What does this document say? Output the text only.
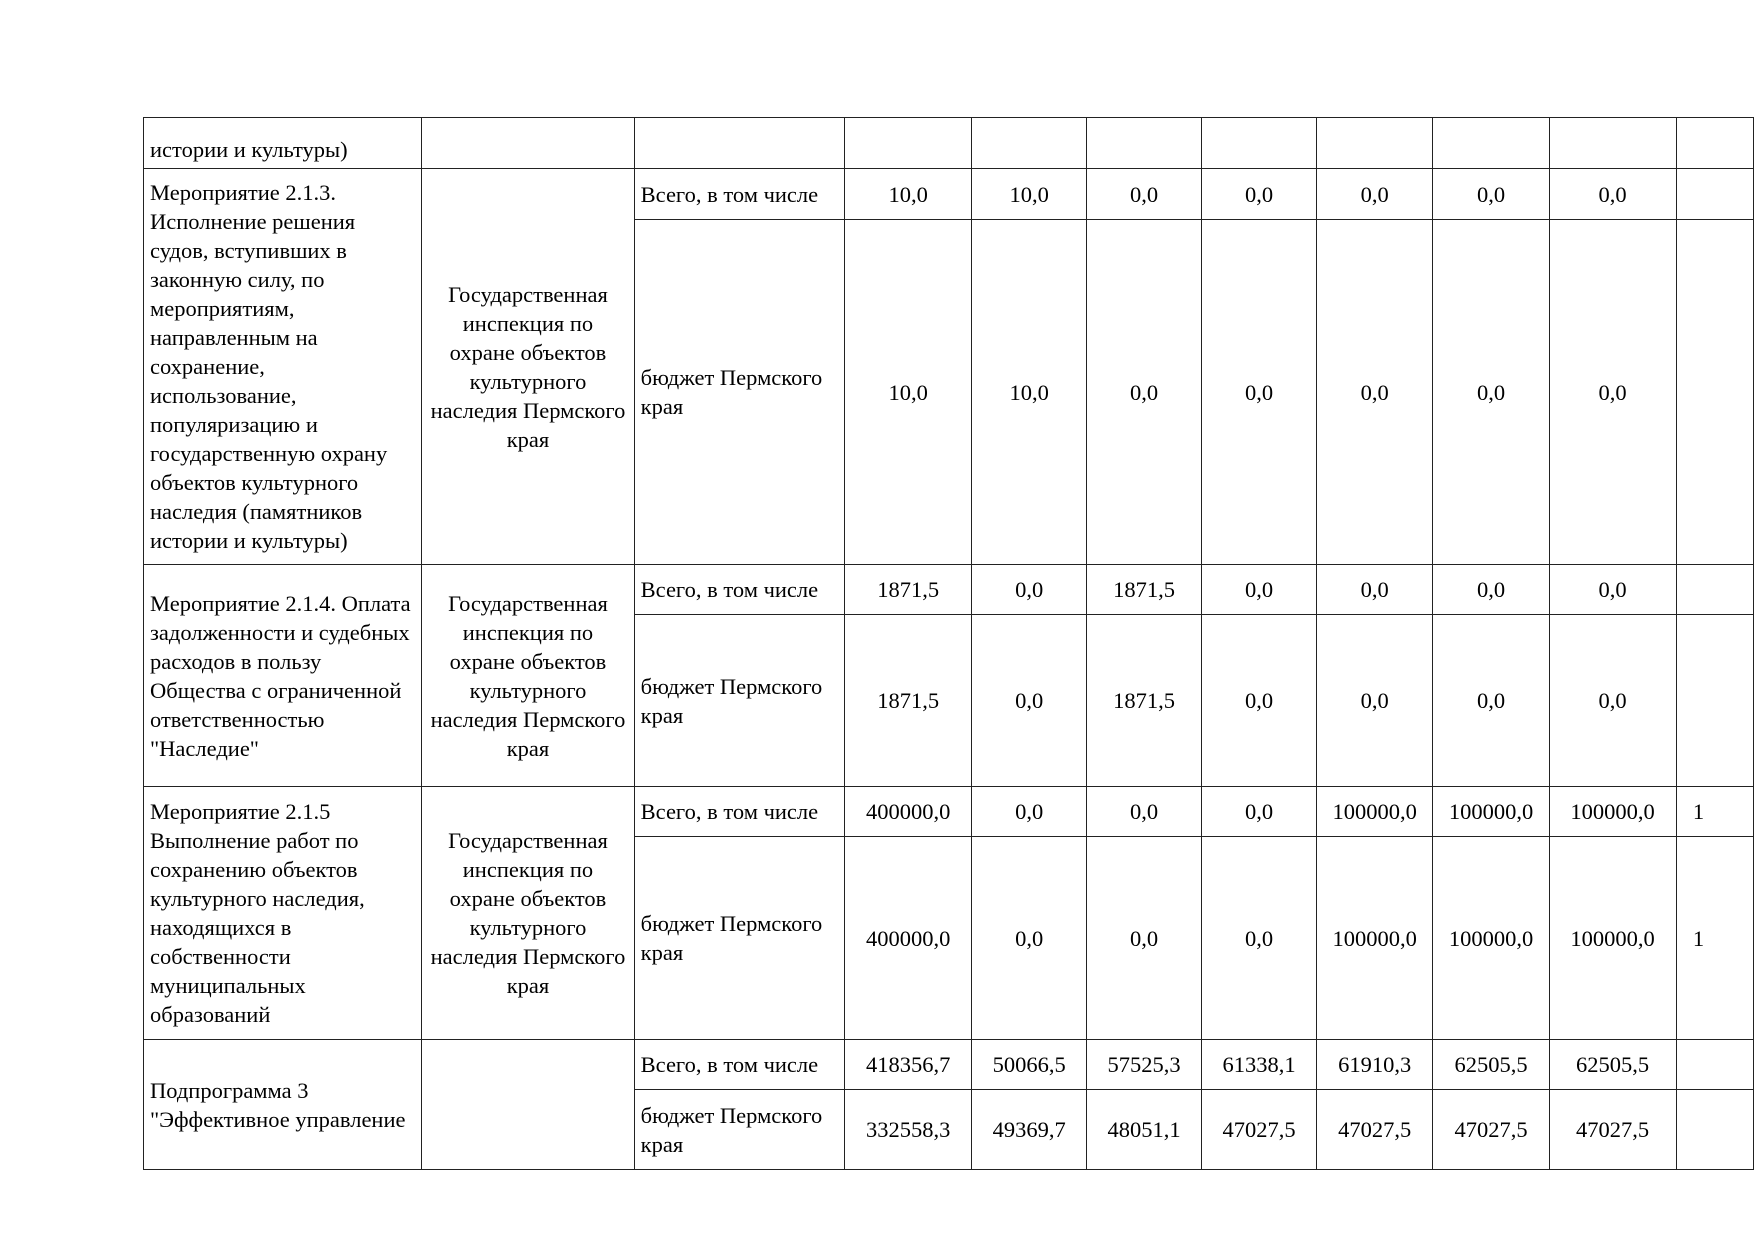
истории и культуры)										
Мероприятие 2.1.3. Исполнение решения судов, вступивших в законную силу, по мероприятиям, направленным на сохранение, использование, популяризацию и государственную охрану объектов культурного наследия (памятников истории и культуры)	Государственная инспекция по охране объектов культурного наследия Пермского края	Всего, в том числе	10,0	10,0	0,0	0,0	0,0	0,0	0,0	

		бюджет Пермского края	10,0	10,0	0,0	0,0	0,0	0,0	0,0	

Мероприятие 2.1.4. Оплата задолженности и судебных расходов в пользу Общества с ограниченной ответственностью "Наследие"	Государственная инспекция по охране объектов культурного наследия Пермского края	Всего, в том числе	1871,5	0,0	1871,5	0,0	0,0	0,0	0,0	

		бюджет Пермского края	1871,5	0,0	1871,5	0,0	0,0	0,0	0,0	

Мероприятие 2.1.5 Выполнение работ по сохранению объектов культурного наследия, находящихся в собственности муниципальных образований	Государственная инспекция по охране объектов культурного наследия Пермского края	Всего, в том числе	400000,0	0,0	0,0	0,0	100000,0	100000,0	100000,0	1

		бюджет Пермского края	400000,0	0,0	0,0	0,0	100000,0	100000,0	100000,0	1

Подпрограмма 3 "Эффективное управление		Всего, в том числе	418356,7	50066,5	57525,3	61338,1	61910,3	62505,5	62505,5	

		бюджет Пермского края	332558,3	49369,7	48051,1	47027,5	47027,5	47027,5	47027,5	
